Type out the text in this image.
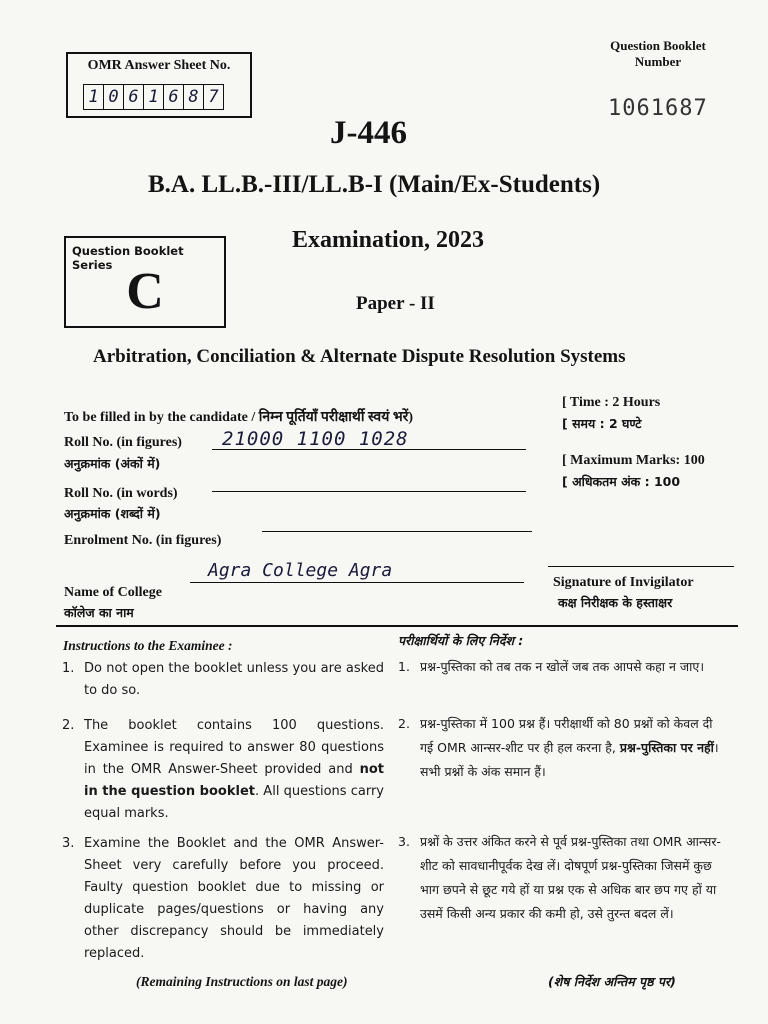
OMR Answer Sheet No.
1 0 6 1 6 8 7
Question Booklet
Number
1061687
J-446
B.A. LL.B.-III/LL.B-I (Main/Ex-Students)
Examination, 2023
Paper - II
Arbitration, Conciliation & Alternate Dispute Resolution Systems
Question Booklet Series C
To be filled in by the candidate / निम्न पूर्तियाँ परीक्षार्थी स्वयं भरें)
Roll No. (in figures)
अनुक्रमांक (अंकों में)
21000 1100 1028
Roll No. (in words)
अनुक्रमांक (शब्दों में)
Enrolment No. (in figures)
Name of College
कॉलेज का नाम
Agra College Agra
[ Time : 2 Hours
[ समय : 2 घण्टे
[ Maximum Marks: 100
[ अधिकतम अंक : 100
Signature of Invigilator
कक्ष निरीक्षक के हस्ताक्षर
Instructions to the Examinee :
1. Do not open the booklet unless you are asked to do so.
2. The booklet contains 100 questions. Examinee is required to answer 80 questions in the OMR Answer-Sheet provided and not in the question booklet. All questions carry equal marks.
3. Examine the Booklet and the OMR Answer-Sheet very carefully before you proceed. Faulty question booklet due to missing or duplicate pages/questions or having any other discrepancy should be immediately replaced.
(Remaining Instructions on last page)
परीक्षार्थियों के लिए निर्देश :
1. प्रश्न-पुस्तिका को तब तक न खोलें जब तक आपसे कहा न जाए।
2. प्रश्न-पुस्तिका में 100 प्रश्न हैं। परीक्षार्थी को 80 प्रश्नों को केवल दी गई OMR आन्सर-शीट पर ही हल करना है, प्रश्न-पुस्तिका पर नहीं। सभी प्रश्नों के अंक समान हैं।
3. प्रश्नों के उत्तर अंकित करने से पूर्व प्रश्न-पुस्तिका तथा OMR आन्सर-शीट को सावधानीपूर्वक देख लें। दोषपूर्ण प्रश्न-पुस्तिका जिसमें कुछ भाग छपने से छूट गये हों या प्रश्न एक से अधिक बार छप गए हों या उसमें किसी अन्य प्रकार की कमी हो, उसे तुरन्त बदल लें।
(शेष निर्देश अन्तिम पृष्ठ पर)
